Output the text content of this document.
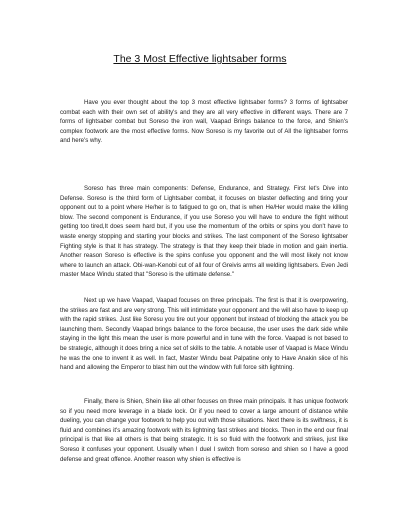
The 3 Most Effective lightsaber forms

Have you ever thought about the top 3 most effective lightsaber forms? 3 forms of lightsaber combat each with their own set of ability's and they are all very effective in different ways. There are 7 forms of lightsaber combat but Soreso the iron wall, Vaapad Brings balance to the force, and Shien's complex footwork are the most effective forms. Now Soreso is my favorite out of All the lightsaber forms and here's why.

Soreso has three main components: Defense, Endurance, and Strategy. First let's Dive into Defense. Soreso is the third form of Lightsaber combat, it focuses on blaster deflecting and tiring your opponent out to a point where He/her is to fatigued to go on, that is when He/Her would make the killing blow. The second component is Endurance, if you use Soreso you will have to endure the fight without getting too tired,It does seem hard but, if you use the momentum of the orbits or spins you don't have to waste energy stopping and starting your blocks and strikes. The last component of the Soreso lightsaber Fighting style is that It has strategy. The strategy is that they keep their blade in motion and gain inertia. Another reason Soreso is effective is the spins confuse you opponent and the will most likely not know where to launch an attack. Obi-wan-Kenobi cut of all four of Greivis arms all welding lightsabers. Even Jedi master Mace Windu stated that "Soreso is the ultimate defense."

Next up we have Vaapad, Vaapad focuses on three principals. The first is that it is overpowering, the strikes are fast and are very strong. This will intimidate your opponent and the will also have to keep up with the rapid strikes. Just like Soresu you tire out your opponent but instead of blocking the attack you be launching them. Secondly Vaapad brings balance to the force because, the user uses the dark side while staying in the light this mean the user is more powerful and in tune with the force. Vaapad is not based to be strategic, although it does bring a nice set of skills to the table. A notable user of Vaapad is Mace Windu he was the one to invent it as well. In fact, Master Windu beat Palpatine only to Have Anakin slice of his hand and allowing the Emperor to blast him out the window with full force sith lightning.

Finally, there is Shien, Shein like all other focuses on three main principals. It has unique footwork so if you need more leverage in a blade lock. Or if you need to cover a large amount of distance while dueling, you can change your footwork to help you out with those situations. Next there is its swiftness, it is fluid and combines it's amazing footwork with its lightning fast strikes and blocks. Then in the end our final principal is that like all others is that being strategic. It is so fluid with the footwork and strikes, just like Soreso it confuses your opponent. Usually when I duel I switch from soreso and shien so I have a good defense and great offence. Another reason why shien is effective is
